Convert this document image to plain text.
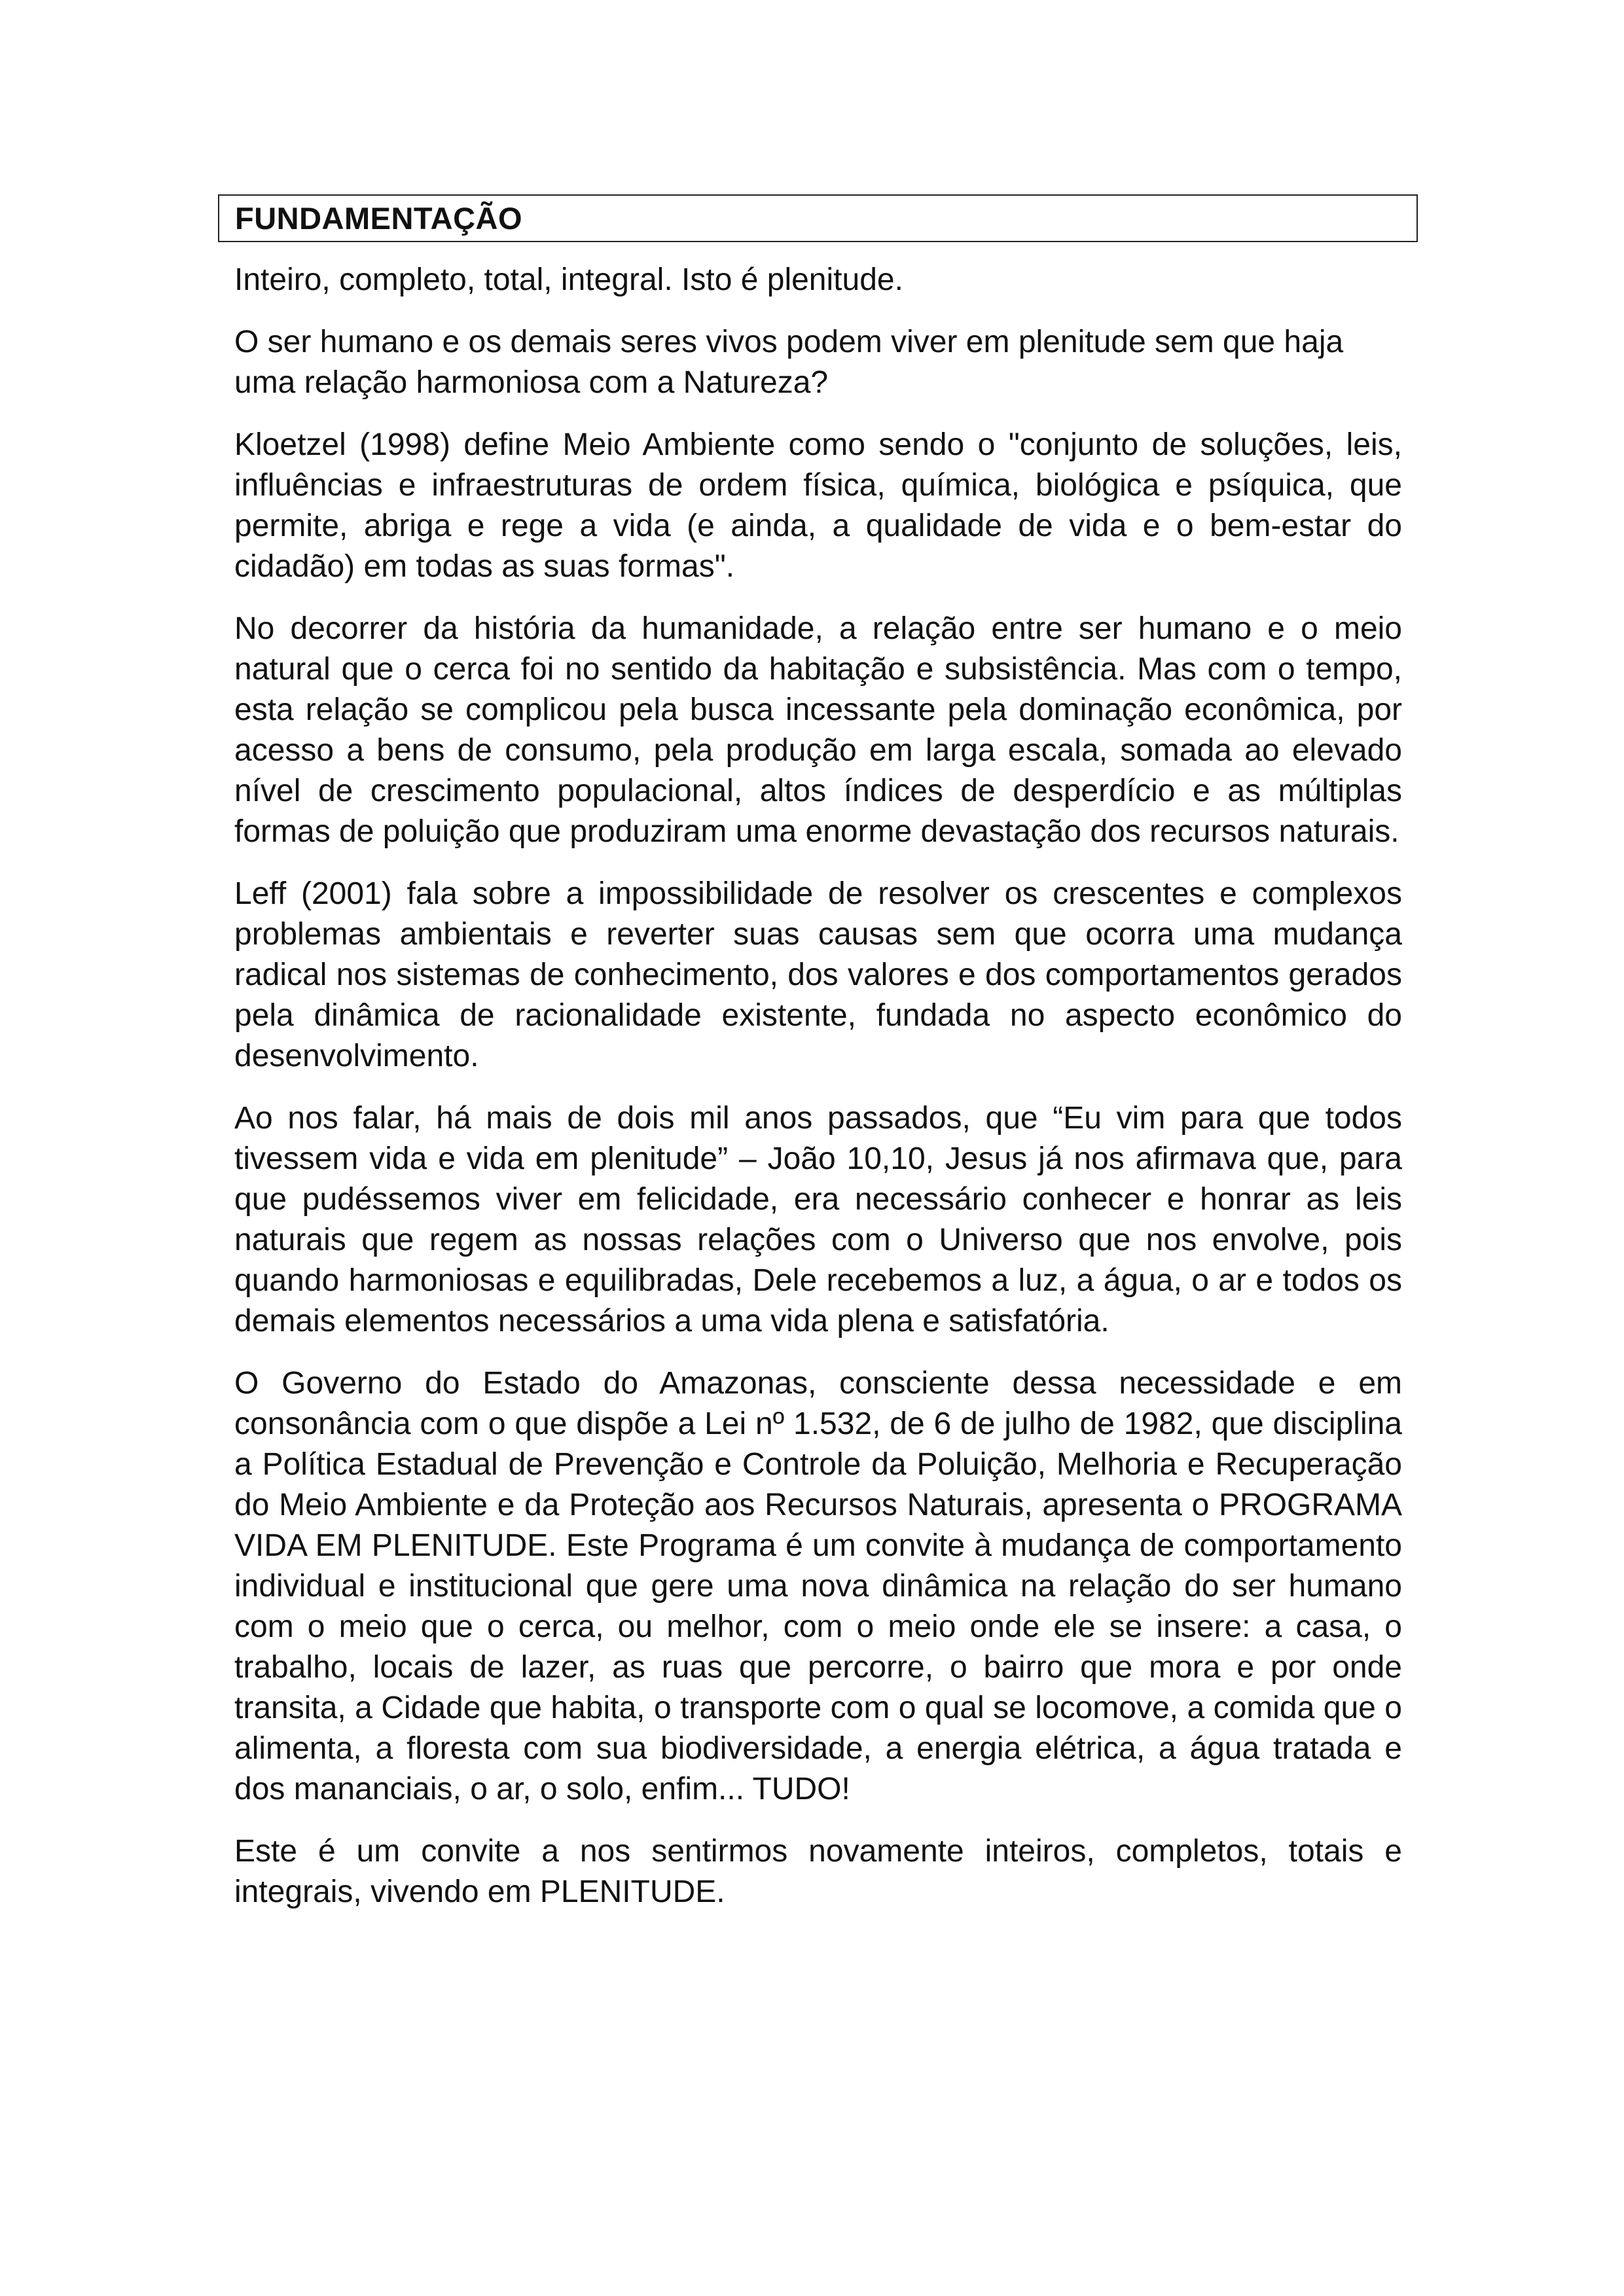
FUNDAMENTAÇÃO

Inteiro, completo, total, integral. Isto é plenitude.

O ser humano e os demais seres vivos podem viver em plenitude sem que haja uma relação harmoniosa com a Natureza?

Kloetzel (1998) define Meio Ambiente como sendo o "conjunto de soluções, leis, influências e infraestruturas de ordem física, química, biológica e psíquica, que permite, abriga e rege a vida (e ainda, a qualidade de vida e o bem-estar do cidadão) em todas as suas formas".

No decorrer da história da humanidade, a relação entre ser humano e o meio natural que o cerca foi no sentido da habitação e subsistência. Mas com o tempo, esta relação se complicou pela busca incessante pela dominação econômica, por acesso a bens de consumo, pela produção em larga escala, somada ao elevado nível de crescimento populacional, altos índices de desperdício e as múltiplas formas de poluição que produziram uma enorme devastação dos recursos naturais.

Leff (2001) fala sobre a impossibilidade de resolver os crescentes e complexos problemas ambientais e reverter suas causas sem que ocorra uma mudança radical nos sistemas de conhecimento, dos valores e dos comportamentos gerados pela dinâmica de racionalidade existente, fundada no aspecto econômico do desenvolvimento.

Ao nos falar, há mais de dois mil anos passados, que “Eu vim para que todos tivessem vida e vida em plenitude” – João 10,10, Jesus já nos afirmava que, para que pudéssemos viver em felicidade, era necessário conhecer e honrar as leis naturais que regem as nossas relações com o Universo que nos envolve, pois quando harmoniosas e equilibradas, Dele recebemos a luz, a água, o ar e todos os demais elementos necessários a uma vida plena e satisfatória.

O Governo do Estado do Amazonas, consciente dessa necessidade e em consonância com o que dispõe a Lei nº 1.532, de 6 de julho de 1982, que disciplina a Política Estadual de Prevenção e Controle da Poluição, Melhoria e Recuperação do Meio Ambiente e da Proteção aos Recursos Naturais, apresenta o PROGRAMA VIDA EM PLENITUDE. Este Programa é um convite à mudança de comportamento individual e institucional que gere uma nova dinâmica na relação do ser humano com o meio que o cerca, ou melhor, com o meio onde ele se insere: a casa, o trabalho, locais de lazer, as ruas que percorre, o bairro que mora e por onde transita, a Cidade que habita, o transporte com o qual se locomove, a comida que o alimenta, a floresta com sua biodiversidade, a energia elétrica, a água tratada e dos mananciais, o ar, o solo, enfim... TUDO!

Este é um convite a nos sentirmos novamente inteiros, completos, totais e integrais, vivendo em PLENITUDE.
